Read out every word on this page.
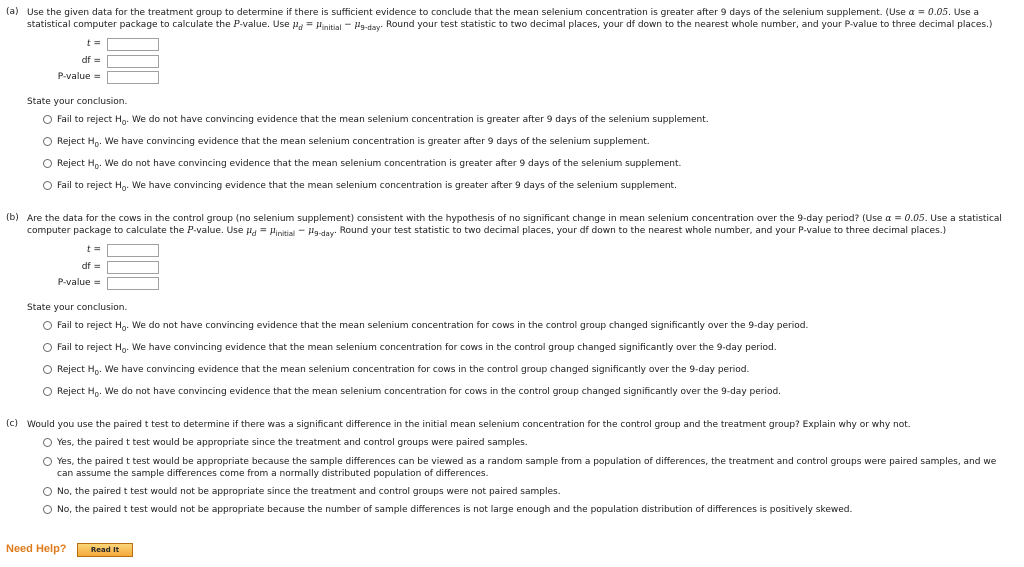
(a) Use the given data for the treatment group to determine if there is sufficient evidence to conclude that the mean selenium concentration is greater after 9 days of the selenium supplement. (Use α = 0.05. Use a statistical computer package to calculate the P-value. Use $\mu_d = \mu_{initial} - \mu_{9-day}$. Round your test statistic to two decimal places, your df down to the nearest whole number, and your P-value to three decimal places.)
t =
df =
P-value =
State your conclusion.
Fail to reject $H_0$. We do not have convincing evidence that the mean selenium concentration is greater after 9 days of the selenium supplement.
Reject $H_0$. We have convincing evidence that the mean selenium concentration is greater after 9 days of the selenium supplement.
Reject $H_0$. We do not have convincing evidence that the mean selenium concentration is greater after 9 days of the selenium supplement.
Fail to reject $H_0$. We have convincing evidence that the mean selenium concentration is greater after 9 days of the selenium supplement.
(b) Are the data for the cows in the control group (no selenium supplement) consistent with the hypothesis of no significant change in mean selenium concentration over the 9-day period? (Use α = 0.05. Use a statistical computer package to calculate the P-value. Use $\mu_d = \mu_{initial} - \mu_{9-day}$. Round your test statistic to two decimal places, your df down to the nearest whole number, and your P-value to three decimal places.)
t =
df =
P-value =
State your conclusion.
Fail to reject $H_0$. We do not have convincing evidence that the mean selenium concentration for cows in the control group changed significantly over the 9-day period.
Fail to reject $H_0$. We have convincing evidence that the mean selenium concentration for cows in the control group changed significantly over the 9-day period.
Reject $H_0$. We have convincing evidence that the mean selenium concentration for cows in the control group changed significantly over the 9-day period.
Reject $H_0$. We do not have convincing evidence that the mean selenium concentration for cows in the control group changed significantly over the 9-day period.
(c) Would you use the paired t test to determine if there was a significant difference in the initial mean selenium concentration for the control group and the treatment group? Explain why or why not.
Yes, the paired t test would be appropriate since the treatment and control groups were paired samples.
Yes, the paired t test would be appropriate because the sample differences can be viewed as a random sample from a population of differences, the treatment and control groups were paired samples, and we can assume the sample differences come from a normally distributed population of differences.
No, the paired t test would not be appropriate since the treatment and control groups were not paired samples.
No, the paired t test would not be appropriate because the number of sample differences is not large enough and the population distribution of differences is positively skewed.
Need Help?	Read It
